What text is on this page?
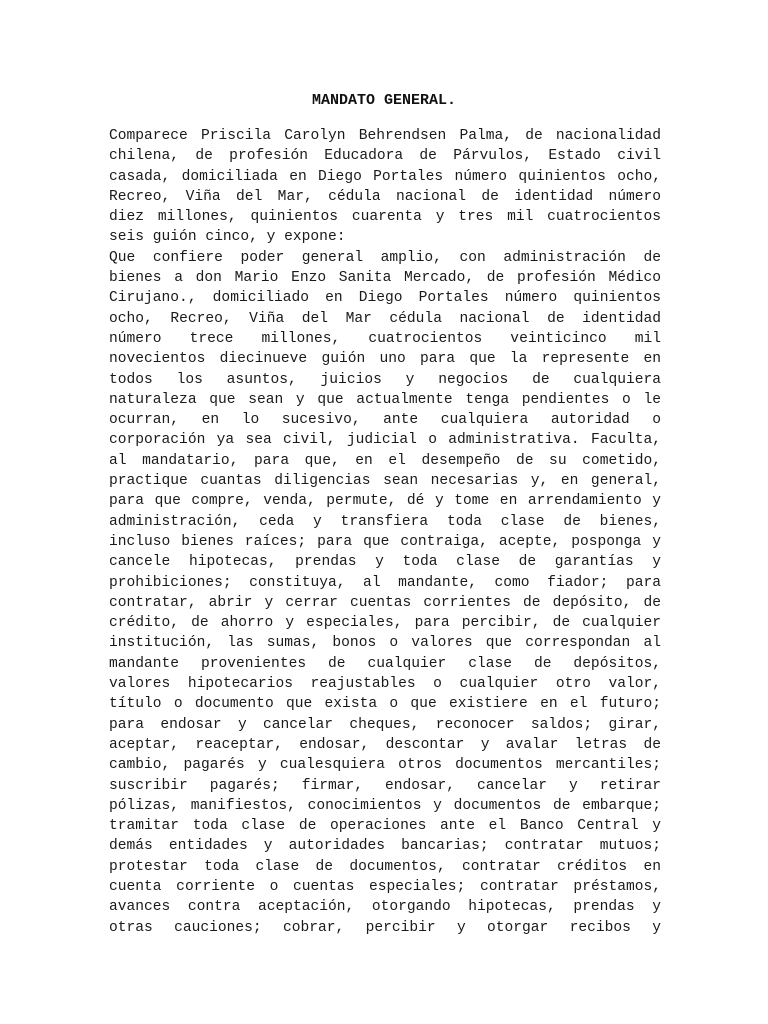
MANDATO GENERAL.
Comparece Priscila Carolyn Behrendsen Palma, de nacionalidad
chilena, de profesión Educadora de Párvulos, Estado civil
casada, domiciliada en Diego Portales número quinientos ocho,
Recreo, Viña del Mar, cédula nacional de identidad número
diez millones, quinientos cuarenta y tres mil cuatrocientos
seis guión cinco, y expone:
Que confiere poder general amplio, con administración de
bienes a don Mario Enzo Sanita Mercado, de profesión Médico
Cirujano., domiciliado en Diego Portales número quinientos
ocho, Recreo, Viña del Mar cédula nacional de identidad
número trece millones, cuatrocientos veinticinco mil
novecientos diecinueve guión uno para que la represente en
todos los asuntos, juicios y negocios de cualquiera
naturaleza que sean y que actualmente tenga pendientes o le
ocurran, en lo sucesivo, ante cualquiera autoridad o
corporación ya sea civil, judicial o administrativa. Faculta,
al mandatario, para que, en el desempeño de su cometido,
practique cuantas diligencias sean necesarias y, en general,
para que compre, venda, permute, dé y tome en arrendamiento y
administración, ceda y transfiera toda clase de bienes,
incluso bienes raíces; para que contraiga, acepte, posponga y
cancele hipotecas, prendas y toda clase de garantías y
prohibiciones; constituya, al mandante, como fiador; para
contratar, abrir y cerrar cuentas corrientes de depósito, de
crédito, de ahorro y especiales, para percibir, de cualquier
institución, las sumas, bonos o valores que correspondan al
mandante provenientes de cualquier clase de depósitos,
valores hipotecarios reajustables o cualquier otro valor,
título o documento que exista o que existiere en el futuro;
para endosar y cancelar cheques, reconocer saldos; girar,
aceptar, reaceptar, endosar, descontar y avalar letras de
cambio, pagarés y cualesquiera otros documentos mercantiles;
suscribir pagarés; firmar, endosar, cancelar y retirar
pólizas, manifiestos, conocimientos y documentos de embarque;
tramitar toda clase de operaciones ante el Banco Central y
demás entidades y autoridades bancarias; contratar mutuos;
protestar toda clase de documentos, contratar créditos en
cuenta corriente o cuentas especiales; contratar préstamos,
avances contra aceptación, otorgando hipotecas, prendas y
otras cauciones; cobrar, percibir y otorgar recibos y
